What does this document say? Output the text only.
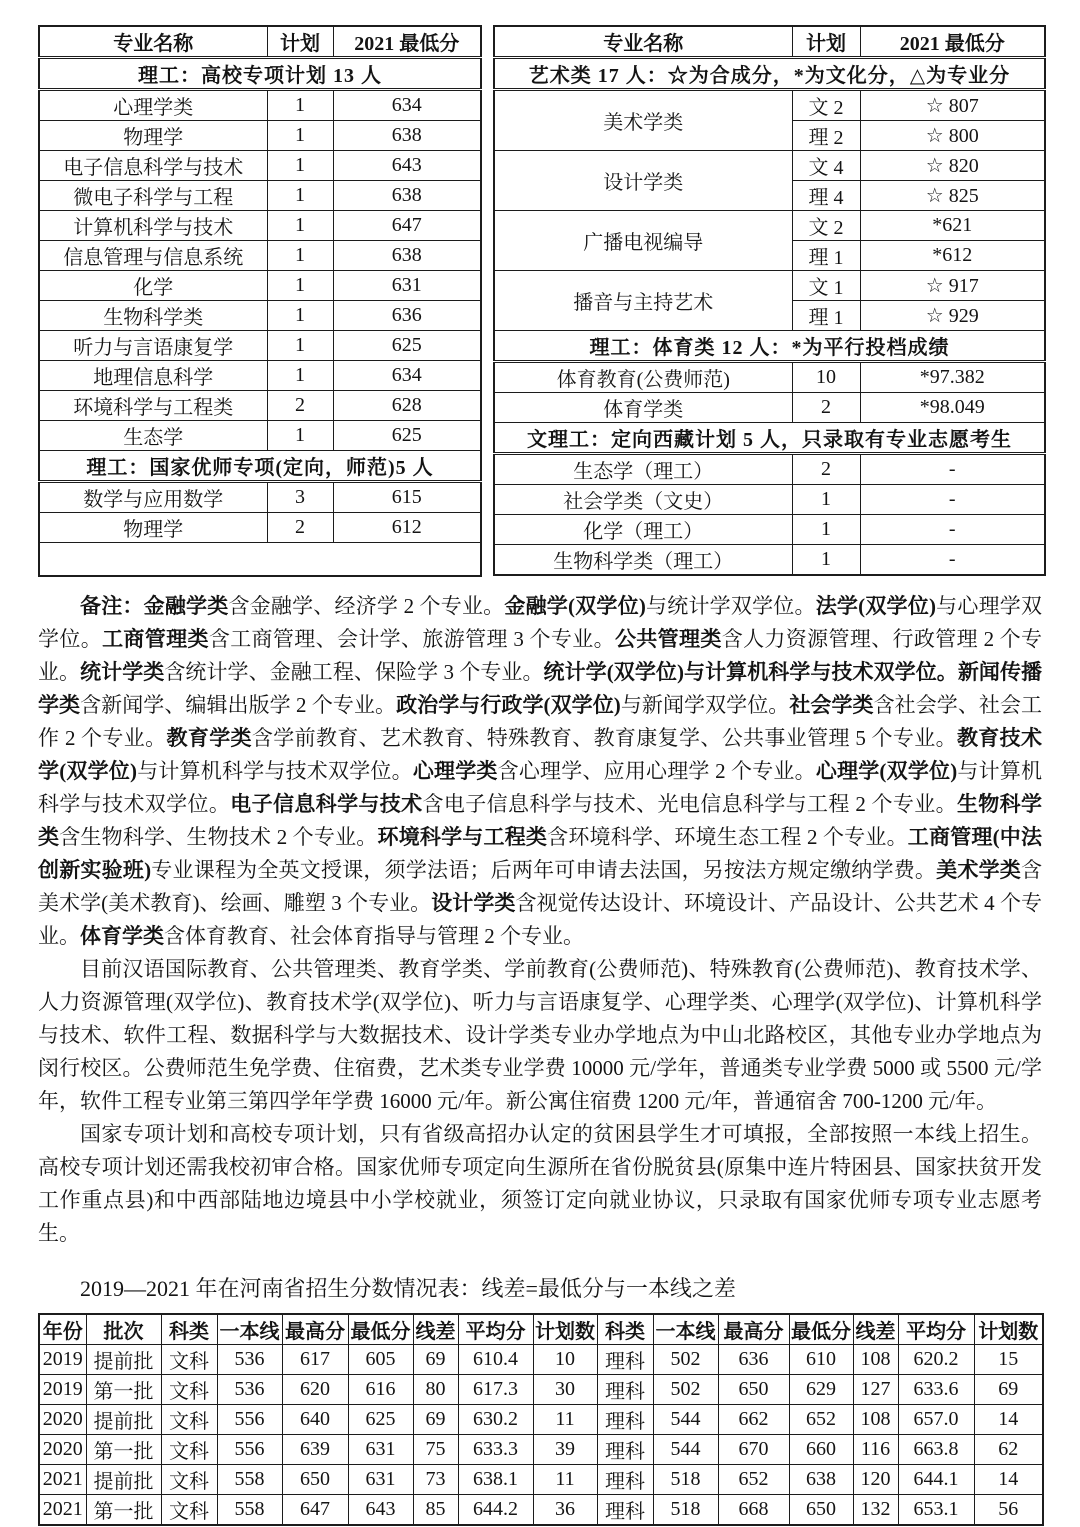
专业名称	计划	2021 最低分
理工：高校专项计划 13 人		
心理学类	1	634
物理学	1	638
电子信息科学与技术	1	643
微电子科学与工程	1	638
计算机科学与技术	1	647
信息管理与信息系统	1	638
化学	1	631
生物科学类	1	636
听力与言语康复学	1	625
地理信息科学	1	634
环境科学与工程类	2	628
生态学	1	625
理工：国家优师专项(定向，师范)5 人		
数学与应用数学	3	615
物理学	2	612

专业名称	计划	2021 最低分
艺术类 17 人：☆为合成分，*为文化分，△为专业分		
美术学类	文 2	☆ 807
	理 2	☆ 800
设计学类	文 4	☆ 820
	理 4	☆ 825
广播电视编导	文 2	*621
	理 1	*612
播音与主持艺术	文 1	☆ 917
	理 1	☆ 929
理工：体育类 12 人：*为平行投档成绩		
体育教育(公费师范)	10	*97.382
体育学类	2	*98.049
文理工：定向西藏计划 5 人，只录取有专业志愿考生		
生态学（理工）	2	-
社会学类（文史）	1	-
化学（理工）	1	-
生物科学类（理工）	1	-

备注：金融学类含金融学、经济学 2 个专业。金融学(双学位)与统计学双学位。法学(双学位)与心理学双学位。工商管理类含工商管理、会计学、旅游管理 3 个专业。公共管理类含人力资源管理、行政管理 2 个专业。统计学类含统计学、金融工程、保险学 3 个专业。统计学(双学位)与计算机科学与技术双学位。新闻传播学类含新闻学、编辑出版学 2 个专业。政治学与行政学(双学位)与新闻学双学位。社会学类含社会学、社会工作 2 个专业。教育学类含学前教育、艺术教育、特殊教育、教育康复学、公共事业管理 5 个专业。教育技术学(双学位)与计算机科学与技术双学位。心理学类含心理学、应用心理学 2 个专业。心理学(双学位)与计算机科学与技术双学位。电子信息科学与技术含电子信息科学与技术、光电信息科学与工程 2 个专业。生物科学类含生物科学、生物技术 2 个专业。环境科学与工程类含环境科学、环境生态工程 2 个专业。工商管理(中法创新实验班)专业课程为全英文授课，须学法语；后两年可申请去法国，另按法方规定缴纳学费。美术学类含美术学(美术教育)、绘画、雕塑 3 个专业。设计学类含视觉传达设计、环境设计、产品设计、公共艺术 4 个专业。体育学类含体育教育、社会体育指导与管理 2 个专业。

目前汉语国际教育、公共管理类、教育学类、学前教育(公费师范)、特殊教育(公费师范)、教育技术学、人力资源管理(双学位)、教育技术学(双学位)、听力与言语康复学、心理学类、心理学(双学位)、计算机科学与技术、软件工程、数据科学与大数据技术、设计学类专业办学地点为中山北路校区，其他专业办学地点为闵行校区。公费师范生免学费、住宿费，艺术类专业学费 10000 元/学年，普通类专业学费 5000 或 5500 元/学年，软件工程专业第三第四学年学费 16000 元/年。新公寓住宿费 1200 元/年，普通宿舍 700-1200 元/年。

国家专项计划和高校专项计划，只有省级高招办认定的贫困县学生才可填报，全部按照一本线上招生。高校专项计划还需我校初审合格。国家优师专项定向生源所在省份脱贫县(原集中连片特困县、国家扶贫开发工作重点县)和中西部陆地边境县中小学校就业，须签订定向就业协议，只录取有国家优师专项专业志愿考生。

2019—2021 年在河南省招生分数情况表：线差=最低分与一本线之差
年份	批次	科类	一本线	最高分	最低分	线差	平均分	计划数	科类	一本线	最高分	最低分	线差	平均分	计划数
2019	提前批	文科	536	617	605	69	610.4	10	理科	502	636	610	108	620.2	15
2019	第一批	文科	536	620	616	80	617.3	30	理科	502	650	629	127	633.6	69
2020	提前批	文科	556	640	625	69	630.2	11	理科	544	662	652	108	657.0	14
2020	第一批	文科	556	639	631	75	633.3	39	理科	544	670	660	116	663.8	62
2021	提前批	文科	558	650	631	73	638.1	11	理科	518	652	638	120	644.1	14
2021	第一批	文科	558	647	643	85	644.2	36	理科	518	668	650	132	653.1	56
